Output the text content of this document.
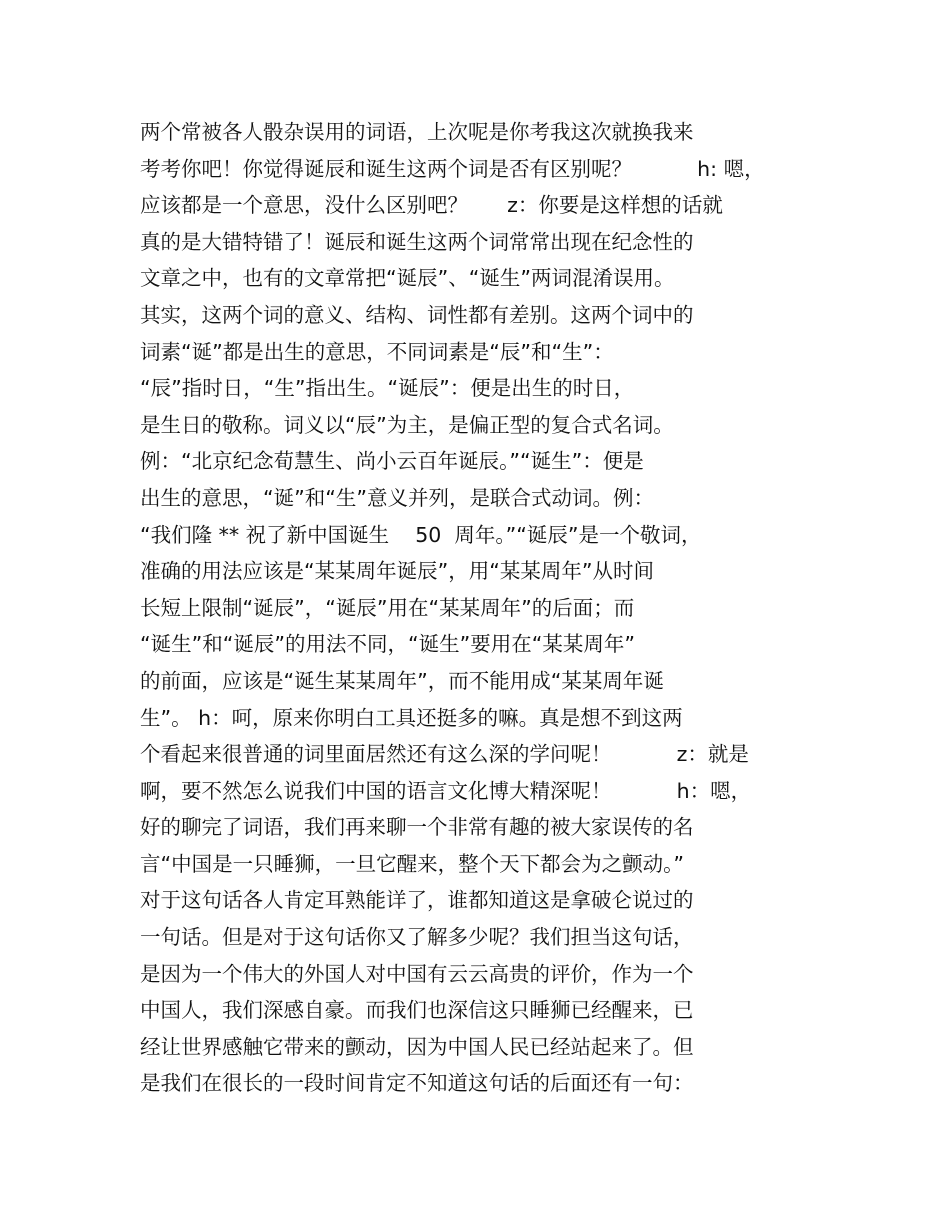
两个常被各人骰杂误用的词语，上次呢是你考我这次就换我来
考考你吧！你觉得诞辰和诞生这两个词是否有区别呢？          h: 嗯，
应该都是一个意思，没什么区别吧？      z：你要是这样想的话就
真的是大错特错了！诞辰和诞生这两个词常常出现在纪念性的
文章之中，也有的文章常把“诞辰”、“诞生”两词混淆误用。
其实，这两个词的意义、结构、词性都有差别。这两个词中的
词素“诞”都是出生的意思，不同词素是“辰”和“生”：
“辰”指时日，“生”指出生。“诞辰”：便是出生的时日，
是生日的敬称。词义以“辰”为主，是偏正型的复合式名词。
例：“北京纪念荀慧生、尚小云百年诞辰。”“诞生”：便是
出生的意思，“诞”和“生”意义并列，是联合式动词。例：
“我们隆 ** 祝了新中国诞生    50  周年。”“诞辰”是一个敬词，
准确的用法应该是“某某周年诞辰”，用“某某周年”从时间
长短上限制“诞辰”，“诞辰”用在“某某周年”的后面；而
“诞生”和“诞辰”的用法不同，“诞生”要用在“某某周年”
的前面，应该是“诞生某某周年”，而不能用成“某某周年诞
生”。 h：呵，原来你明白工具还挺多的嘛。真是想不到这两
个看起来很普通的词里面居然还有这么深的学问呢！          z：就是
啊，要不然怎么说我们中国的语言文化博大精深呢！          h：嗯，
好的聊完了词语，我们再来聊一个非常有趣的被大家误传的名
言“中国是一只睡狮，一旦它醒来，整个天下都会为之颤动。”
对于这句话各人肯定耳熟能详了，谁都知道这是拿破仑说过的
一句话。但是对于这句话你又了解多少呢？我们担当这句话，
是因为一个伟大的外国人对中国有云云高贵的评价，作为一个
中国人，我们深感自豪。而我们也深信这只睡狮已经醒来，已
经让世界感触它带来的颤动，因为中国人民已经站起来了。但
是我们在很长的一段时间肯定不知道这句话的后面还有一句：
